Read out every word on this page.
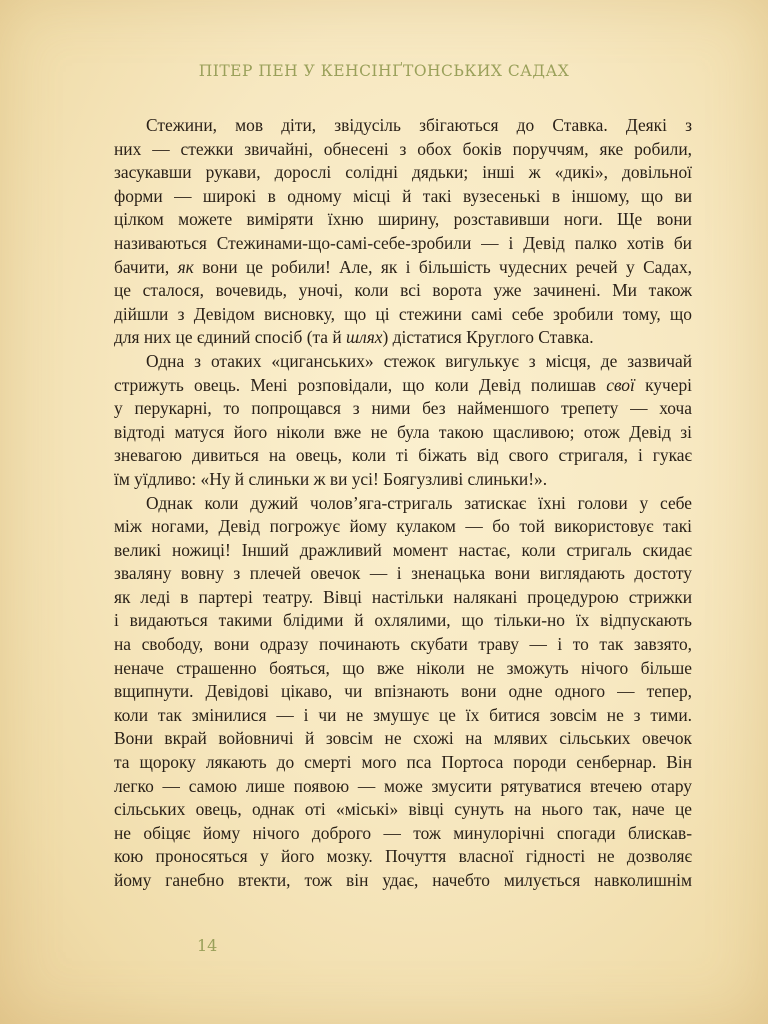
ПІТЕР ПЕН У КЕНСІНҐТОНСЬКИХ САДАХ
Стежини, мов діти, звідусіль збігаються до Ставка. Деякі з
них — стежки звичайні, обнесені з обох боків поруччям, яке робили,
засукавши рукави, дорослі солідні дядьки; інші ж «дикі», довільної
форми — широкі в одному місці й такі вузесенькі в іншому, що ви
цілком можете виміряти їхню ширину, розставивши ноги. Ще вони
називаються Стежинами-що-самі-себе-зробили — і Девід палко хотів би
бачити, як вони це робили! Але, як і більшість чудесних речей у Садах,
це сталося, вочевидь, уночі, коли всі ворота уже зачинені. Ми також
дійшли з Девідом висновку, що ці стежини самі себе зробили тому, що
для них це єдиний спосіб (та й шлях) дістатися Круглого Ставка.
Одна з отаких «циганських» стежок вигулькує з місця, де зазвичай
стрижуть овець. Мені розповідали, що коли Девід полишав свої кучері
у перукарні, то попрощався з ними без найменшого трепету — хоча
відтоді матуся його ніколи вже не була такою щасливою; отож Девід зі
зневагою дивиться на овець, коли ті біжать від свого стригаля, і гукає
їм уїдливо: «Ну й слиньки ж ви усі! Боягузливі слиньки!».
Однак коли дужий чолов’яга-стригаль затискає їхні голови у себе
між ногами, Девід погрожує йому кулаком — бо той використовує такі
великі ножиці! Інший дражливий момент настає, коли стригаль скидає
зваляну вовну з плечей овечок — і зненацька вони виглядають достоту
як леді в партері театру. Вівці настільки налякані процедурою стрижки
і видаються такими блідими й охлялими, що тільки-но їх відпускають
на свободу, вони одразу починають скубати траву — і то так завзято,
неначе страшенно бояться, що вже ніколи не зможуть нічого більше
вщипнути. Девідові цікаво, чи впізнають вони одне одного — тепер,
коли так змінилися — і чи не змушує це їх битися зовсім не з тими.
Вони вкрай войовничі й зовсім не схожі на млявих сільських овечок
та щороку лякають до смерті мого пса Портоса породи сенбернар. Він
легко — самою лише появою — може змусити рятуватися втечею отару
сільських овець, однак оті «міські» вівці сунуть на нього так, наче це
не обіцяє йому нічого доброго — тож минулорічні спогади блискав-
кою проносяться у його мозку. Почуття власної гідності не дозволяє
йому ганебно втекти, тож він удає, начебто милується навколишнім
14
